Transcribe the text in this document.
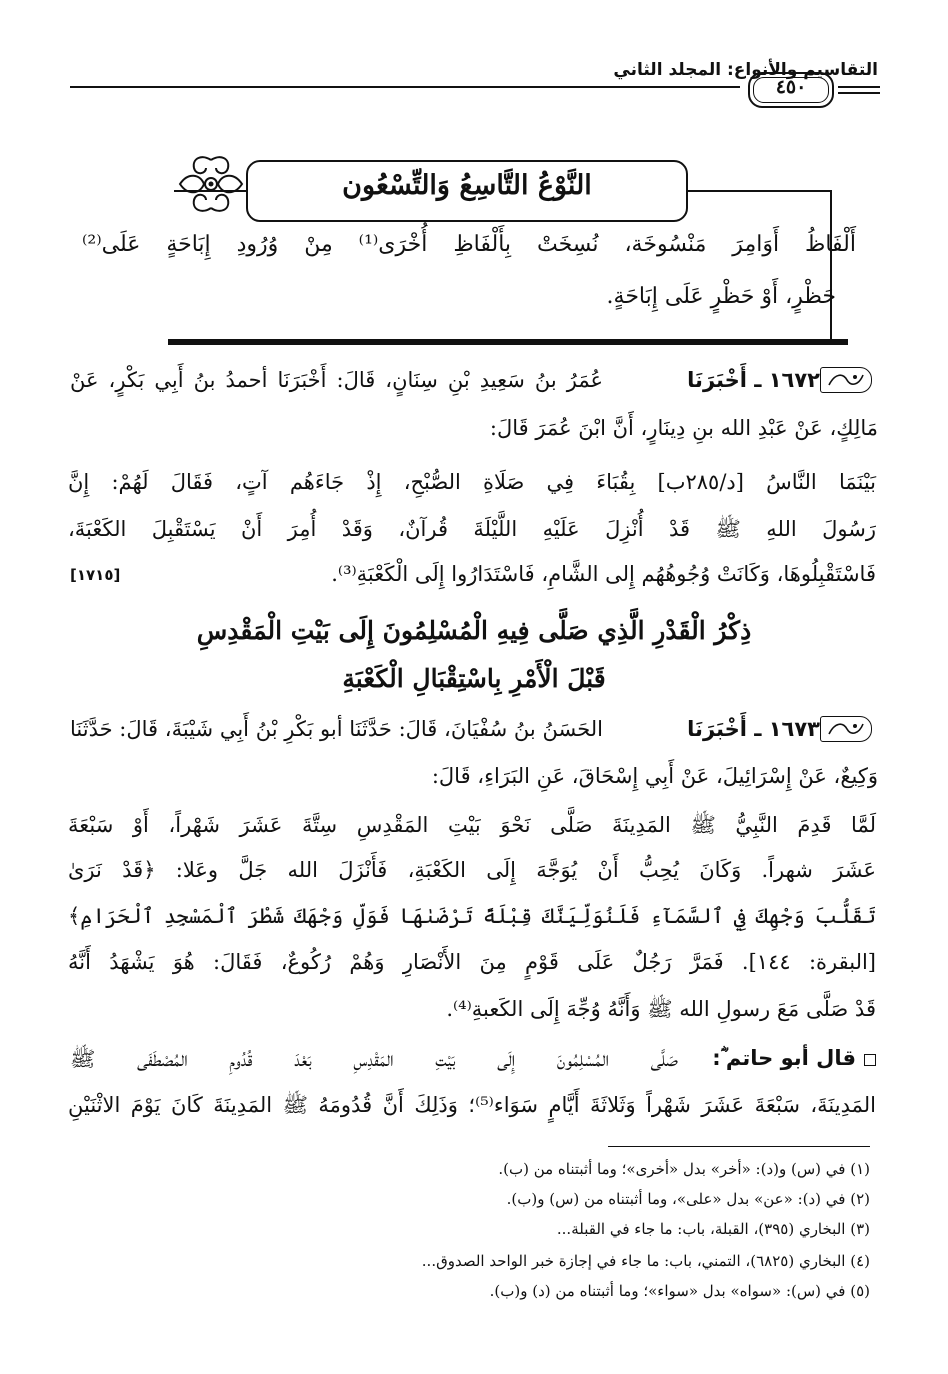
التقاسيم والأنواع: المجلد الثاني
٤٥٠
النَّوْعُ التَّاسِعُ وَالتِّسْعُون
أَلْفَاظُ أَوَامِرَ مَنْسُوخَة، نُسِخَتْ بِأَلْفَاظِ أُخْرَى⁽¹⁾ مِنْ وُرُودِ إِبَاحَةٍ عَلَى⁽²⁾
حَظْرٍ، أَوْ حَظْرٍ عَلَى إِبَاحَةٍ.
١٦٧٢ ـ أَخْبَرَنَا
عُمَرُ بنُ سَعِيدِ بْنِ سِنَانٍ، قَالَ: أَخْبَرَنَا أحمدُ بنُ أَبِي بَكْرٍ، عَنْ
مَالِكٍ، عَنْ عَبْدِ الله بنِ دِينَارٍ، أَنَّ ابْنَ عُمَرَ قَالَ:
بَيْنَمَا النَّاسُ [د/٢٨٥ب] بِقُبَاءَ فِي صَلَاةِ الصُّبْحِ، إِذْ جَاءَهُم آتٍ، فَقَالَ لَهُمْ: إِنَّ
رَسُولَ اللهِ ﷺ قَدْ أُنْزِلَ عَلَيْهِ اللَّيْلَةَ قُرآنٌ، وَقَدْ أُمِرَ أَنْ يَسْتَقْبِلَ الكَعْبَةَ،
فَاسْتَقْبِلُوهَا، وَكَانَتْ وُجُوهُهُم إِلى الشَّامِ، فَاسْتَدَارُوا إِلَى الْكَعْبَةِ⁽³⁾.
[١٧١٥]
ذِكْرُ الْقَدْرِ الَّذِي صَلَّى فِيهِ الْمُسْلِمُونَ إِلَى بَيْتِ الْمَقْدِسِ
قَبْلَ الْأَمْرِ بِاسْتِقْبَالِ الْكَعْبَةِ
١٦٧٣ ـ أَخْبَرَنَا
الحَسَنُ بنُ سُفْيَانَ، قَالَ: حَدَّثَنَا أبو بَكْرِ بْنُ أَبِي شَيْبَةَ، قَالَ: حَدَّثَنَا
وَكِيعٌ، عَنْ إِسْرَائِيلَ، عَنْ أَبِي إِسْحَاقَ، عَنِ البَرَاءِ، قَالَ:
لَمَّا قَدِمَ النَّبِيُّ ﷺ المَدِينَةَ صَلَّى نَحْوَ بَيْتِ المَقْدِسِ سِتَّةَ عَشَرَ شَهْراً، أَوْ سَبْعَةَ
عَشَرَ شهراً. وَكَانَ يُحِبُّ أَنْ يُوَجَّهَ إِلَى الكَعْبَةِ، فَأَنْزَلَ الله جَلَّ وعَلا: ﴿قَدْ نَرَىٰ
تَقَلُّبَ وَجْهِكَ فِي ٱلسَّمَآءِ فَلَنُوَلِّيَنَّكَ قِبْلَةً تَرْضَىٰهَا فَوَلِّ وَجْهَكَ شَطْرَ ٱلْمَسْجِدِ ٱلْحَرَامِ﴾
[البقرة: ١٤٤]. فَمَرَّ رَجُلٌ عَلَى قَوْمٍ مِنَ الأَنْصَارِ وَهُمْ رُكُوعٌ، فَقَالَ: هُوَ يَشْهَدُ أَنَّهُ
قَدْ صَلَّى مَعَ رسولِ الله ﷺ وَأَنَّهُ وُجِّهَ إِلَى الكَعبةِ⁽⁴⁾.
قال أبو حاتم ؓ:
صَلَّى المُسْلِمُونَ إِلَى بَيْتِ المَقْدِسِ بَعْدَ قُدُومِ المُصْطَفَى ﷺ
المَدِينَةَ، سَبْعَةَ عَشَرَ شَهْراً وَثَلاثَةَ أَيَّامٍ سَوَاء⁽⁵⁾؛ وَذَلِكَ أَنَّ قُدُومَهُ ﷺ المَدِينَةَ كَانَ يَوْمَ الاثْنَيْنِ
(١) في (س) و(د): «أخر» بدل «أخرى»؛ وما أثبتناه من (ب).
(٢) في (د): «عن» بدل «على»، وما أثبتناه من (س) و(ب).
(٣) البخاري (٣٩٥)، القبلة، باب: ما جاء في القبلة...
(٤) البخاري (٦٨٢٥)، التمني، باب: ما جاء في إجازة خبر الواحد الصدوق...
(٥) في (س): «سواه» بدل «سواء»؛ وما أثبتناه من (د) و(ب).
